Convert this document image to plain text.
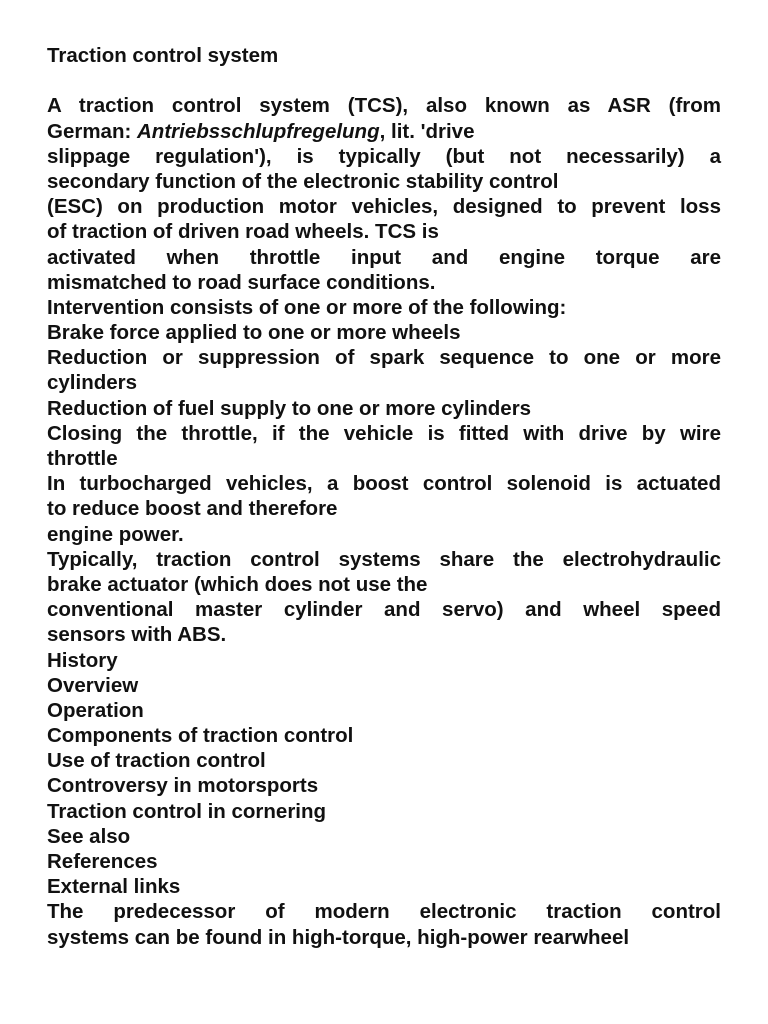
Traction control system
A traction control system (TCS), also known as ASR (from
German: Antriebsschlupfregelung, lit. 'drive
slippage regulation'), is typically (but not necessarily) a
secondary function of the electronic stability control
(ESC) on production motor vehicles, designed to prevent loss
of traction of driven road wheels. TCS is
activated when throttle input and engine torque are
mismatched to road surface conditions.
Intervention consists of one or more of the following:
Brake force applied to one or more wheels
Reduction or suppression of spark sequence to one or more
cylinders
Reduction of fuel supply to one or more cylinders
Closing the throttle, if the vehicle is fitted with drive by wire
throttle
In turbocharged vehicles, a boost control solenoid is actuated
to reduce boost and therefore
engine power.
Typically, traction control systems share the electrohydraulic
brake actuator (which does not use the
conventional master cylinder and servo) and wheel speed
sensors with ABS.
History
Overview
Operation
Components of traction control
Use of traction control
Controversy in motorsports
Traction control in cornering
See also
References
External links
The predecessor of modern electronic traction control
systems can be found in high-torque, high-power rearwheel
